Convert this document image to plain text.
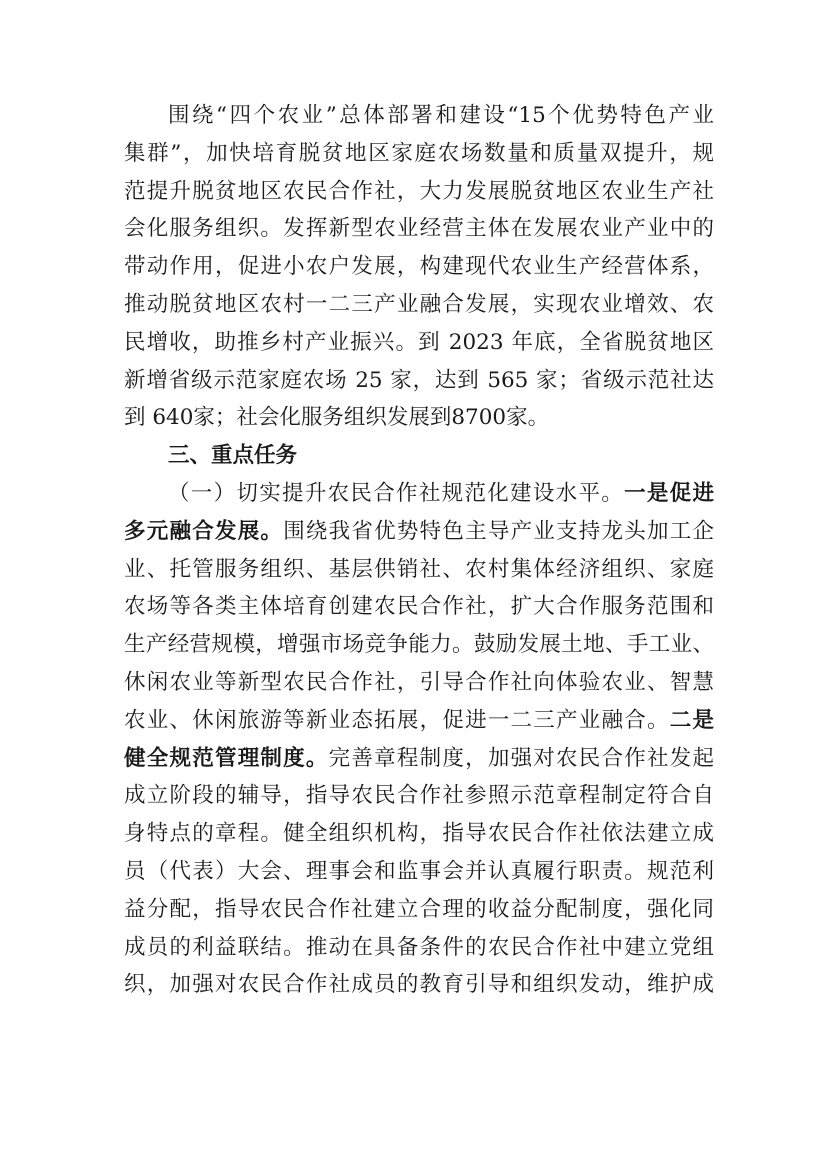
围绕“四个农业”总体部署和建设“15个优势特色产业
集群”，加快培育脱贫地区家庭农场数量和质量双提升，规
范提升脱贫地区农民合作社，大力发展脱贫地区农业生产社
会化服务组织。发挥新型农业经营主体在发展农业产业中的
带动作用，促进小农户发展，构建现代农业生产经营体系，
推动脱贫地区农村一二三产业融合发展，实现农业增效、农
民增收，助推乡村产业振兴。到 2023 年底，全省脱贫地区
新增省级示范家庭农场 25 家，达到 565 家；省级示范社达
到 640家；社会化服务组织发展到8700家。
三、重点任务
（一）切实提升农民合作社规范化建设水平。一是促进
多元融合发展。围绕我省优势特色主导产业支持龙头加工企
业、托管服务组织、基层供销社、农村集体经济组织、家庭
农场等各类主体培育创建农民合作社，扩大合作服务范围和
生产经营规模，增强市场竞争能力。鼓励发展土地、手工业、
休闲农业等新型农民合作社，引导合作社向体验农业、智慧
农业、休闲旅游等新业态拓展，促进一二三产业融合。二是
健全规范管理制度。完善章程制度，加强对农民合作社发起
成立阶段的辅导，指导农民合作社参照示范章程制定符合自
身特点的章程。健全组织机构，指导农民合作社依法建立成
员（代表）大会、理事会和监事会并认真履行职责。规范利
益分配，指导农民合作社建立合理的收益分配制度，强化同
成员的利益联结。推动在具备条件的农民合作社中建立党组
织，加强对农民合作社成员的教育引导和组织发动，维护成
